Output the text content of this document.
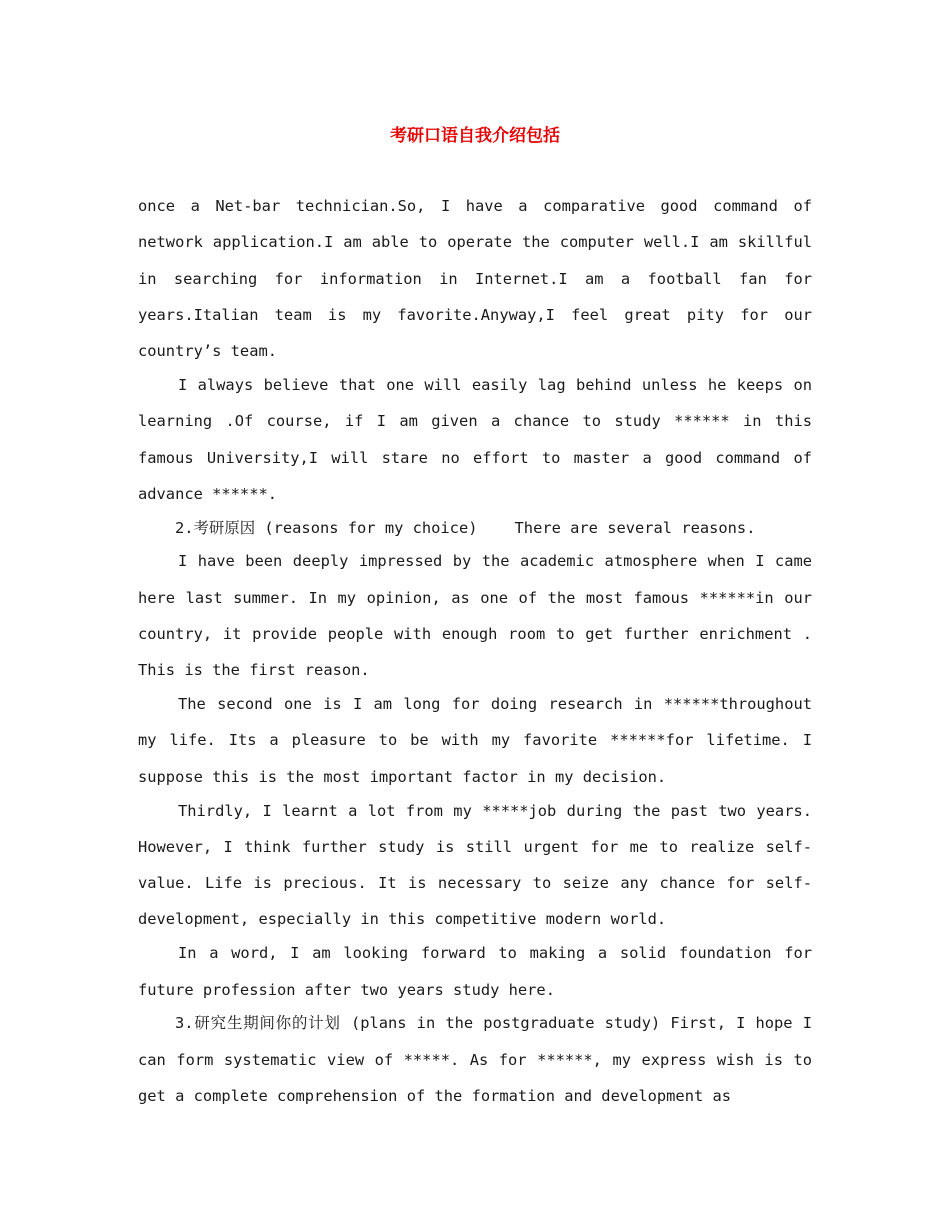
考研口语自我介绍包括

once a Net-bar technician.So, I have a comparative good command of network application.I am able to operate the computer well.I am skillful in searching for information in Internet.I am a football fan for years.Italian team is my favorite.Anyway,I feel great pity for our country’s team.

I always believe that one will easily lag behind unless he keeps on learning .Of course, if I am given a chance to study ****** in this famous University,I will stare no effort to master a good command of advance ******.

2.考研原因 (reasons for my choice)    There are several reasons.

I have been deeply impressed by the academic atmosphere when I came here last summer. In my opinion, as one of the most famous ******in our country, it provide people with enough room to get further enrichment . This is the first reason.

The second one is I am long for doing research in ******throughout my life. Its a pleasure to be with my favorite ******for lifetime. I suppose this is the most important factor in my decision.

Thirdly, I learnt a lot from my *****job during the past two years. However, I think further study is still urgent for me to realize self-value. Life is precious. It is necessary to seize any chance for self-development, especially in this competitive modern world.

In a word, I am looking forward to making a solid foundation for future profession after two years study here.

3.研究生期间你的计划 (plans in the postgraduate study) First, I hope I can form systematic view of *****. As for ******, my express wish is to get a complete comprehension of the formation and development as
